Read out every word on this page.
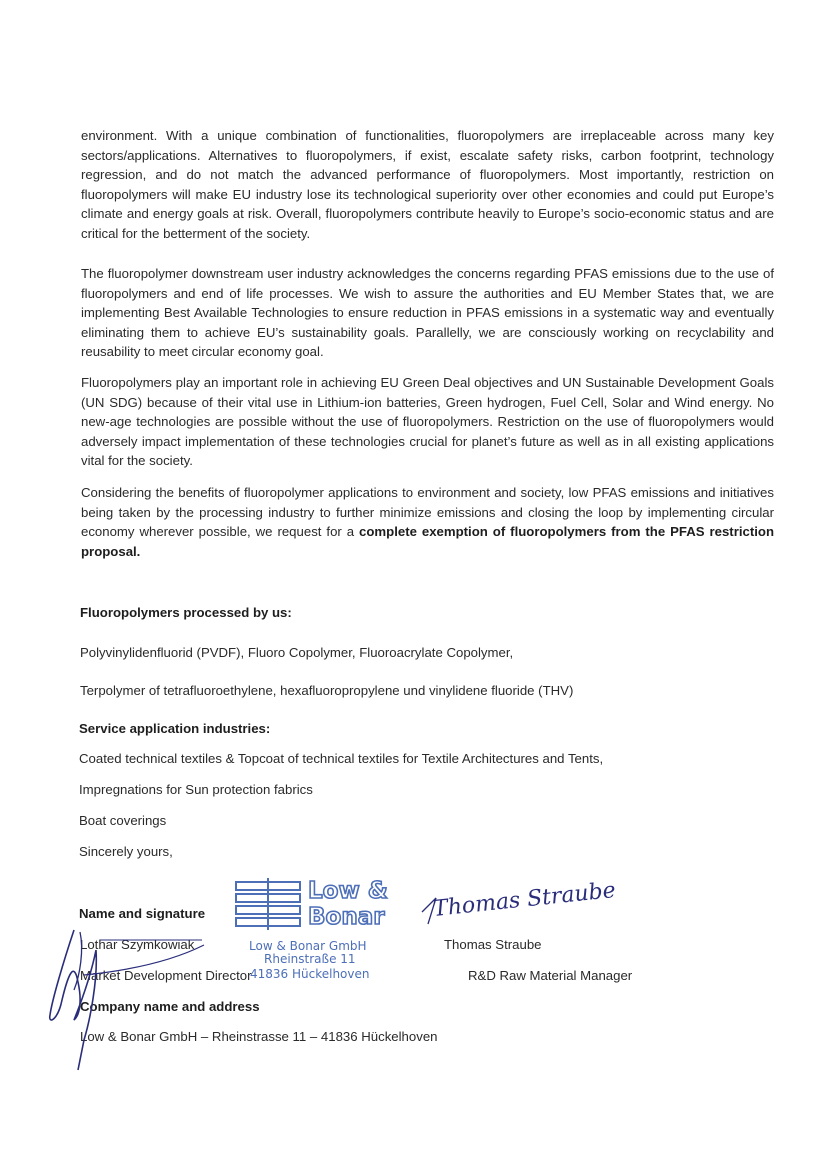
environment. With a unique combination of functionalities, fluoropolymers are irreplaceable across many key sectors/applications. Alternatives to fluoropolymers, if exist, escalate safety risks, carbon footprint, technology regression, and do not match the advanced performance of fluoropolymers. Most importantly, restriction on fluoropolymers will make EU industry lose its technological superiority over other economies and could put Europe’s climate and energy goals at risk. Overall, fluoropolymers contribute heavily to Europe’s socio-economic status and are critical for the betterment of the society.

The fluoropolymer downstream user industry acknowledges the concerns regarding PFAS emissions due to the use of fluoropolymers and end of life processes. We wish to assure the authorities and EU Member States that, we are implementing Best Available Technologies to ensure reduction in PFAS emissions in a systematic way and eventually eliminating them to achieve EU’s sustainability goals. Parallelly, we are consciously working on recyclability and reusability to meet circular economy goal.

Fluoropolymers play an important role in achieving EU Green Deal objectives and UN Sustainable Development Goals (UN SDG) because of their vital use in Lithium-ion batteries, Green hydrogen, Fuel Cell, Solar and Wind energy. No new-age technologies are possible without the use of fluoropolymers. Restriction on the use of fluoropolymers would adversely impact implementation of these technologies crucial for planet’s future as well as in all existing applications vital for the society.

Considering the benefits of fluoropolymer applications to environment and society, low PFAS emissions and initiatives being taken by the processing industry to further minimize emissions and closing the loop by implementing circular economy wherever possible, we request for a complete exemption of fluoropolymers from the PFAS restriction proposal.

Fluoropolymers processed by us:

Polyvinylidenfluorid (PVDF), Fluoro Copolymer, Fluoroacrylate Copolymer,

Terpolymer of tetrafluoroethylene, hexafluoropropylene und vinylidene fluoride (THV)

Service application industries:

Coated technical textiles & Topcoat of technical textiles for Textile Architectures and Tents,

Impregnations for Sun protection fabrics

Boat coverings

Sincerely yours,

Name and signature

Lothar Szymkowiak	Thomas Straube

Market Development Director	R&D Raw Material Manager

Company name and address

Low & Bonar GmbH – Rheinstrasse 11 – 41836 Hückelhoven

Low &
Bonar
Low & Bonar GmbH
Rheinstraße 11
41836 Hückelhoven
Thomas Straube
